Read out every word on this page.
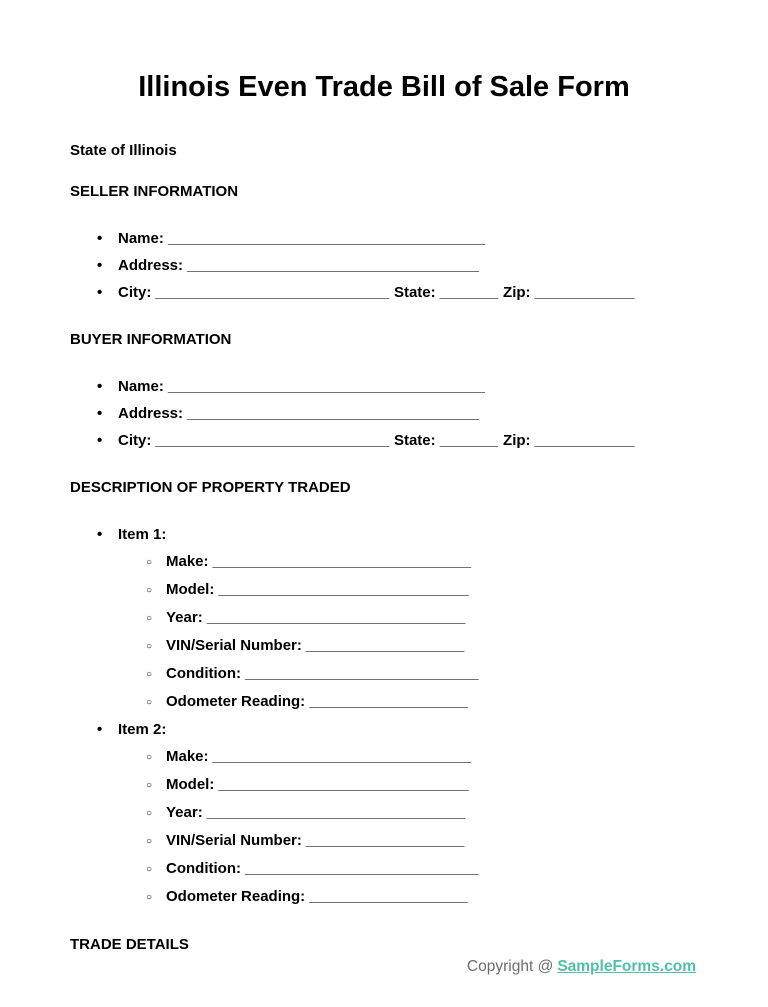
Illinois Even Trade Bill of Sale Form

State of Illinois

SELLER INFORMATION
• Name: ______________________________________
• Address: ___________________________________
• City: ____________________________ State: _______ Zip: ____________
BUYER INFORMATION
• Name: ______________________________________
• Address: ___________________________________
• City: ____________________________ State: _______ Zip: ____________
DESCRIPTION OF PROPERTY TRADED
• Item 1:
○ Make: _______________________________
○ Model: ______________________________
○ Year: _______________________________
○ VIN/Serial Number: ___________________
○ Condition: ____________________________
○ Odometer Reading: ___________________
• Item 2:
○ Make: _______________________________
○ Model: ______________________________
○ Year: _______________________________
○ VIN/Serial Number: ___________________
○ Condition: ____________________________
○ Odometer Reading: ___________________
TRADE DETAILS
Copyright @ SampleForms.com
